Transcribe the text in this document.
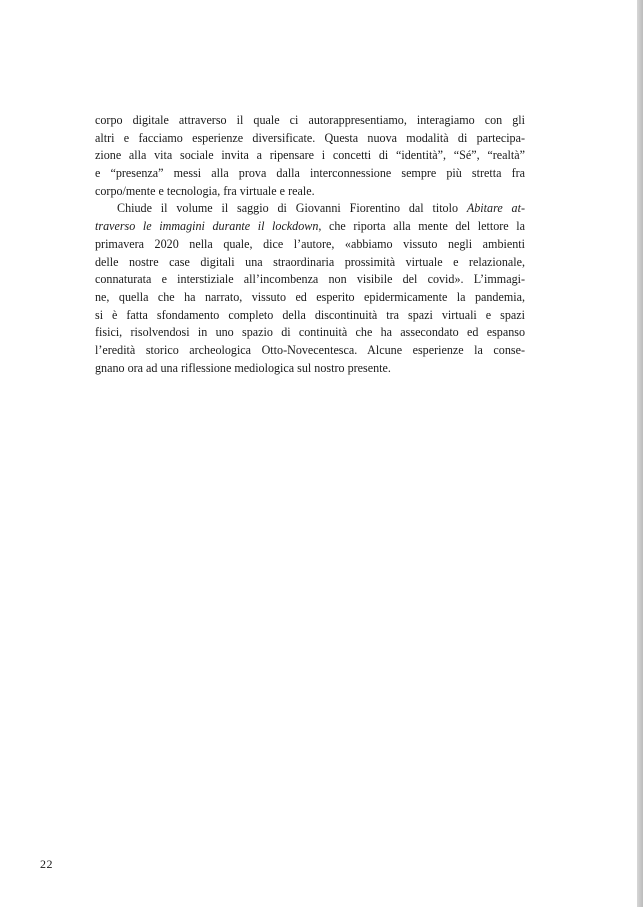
corpo digitale attraverso il quale ci autorappresentiamo, interagiamo con gli
altri e facciamo esperienze diversificate. Questa nuova modalità di partecipa-
zione alla vita sociale invita a ripensare i concetti di “identità”, “Sé”, “realtà”
e “presenza” messi alla prova dalla interconnessione sempre più stretta fra
corpo/mente e tecnologia, fra virtuale e reale.
Chiude il volume il saggio di Giovanni Fiorentino dal titolo Abitare at-
traverso le immagini durante il lockdown, che riporta alla mente del lettore la
primavera 2020 nella quale, dice l’autore, «abbiamo vissuto negli ambienti
delle nostre case digitali una straordinaria prossimità virtuale e relazionale,
connaturata e interstiziale all’incombenza non visibile del covid». L’immagi-
ne, quella che ha narrato, vissuto ed esperito epidermicamente la pandemia,
si è fatta sfondamento completo della discontinuità tra spazi virtuali e spazi
fisici, risolvendosi in uno spazio di continuità che ha assecondato ed espanso
l’eredità storico archeologica Otto-Novecentesca. Alcune esperienze la conse-
gnano ora ad una riflessione mediologica sul nostro presente.
22
